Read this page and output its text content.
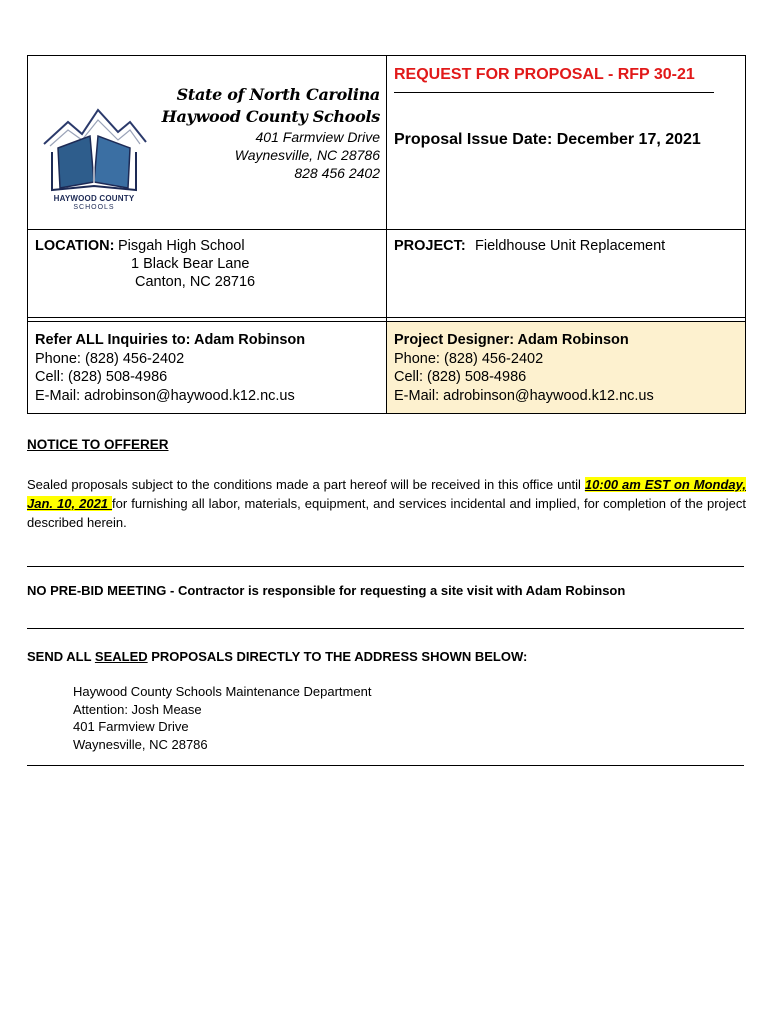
HAYWOOD COUNTY
SCHOOLS
State of North Carolina
Haywood County Schools
401 Farmview Drive
Waynesville, NC 28786
828 456 2402
REQUEST FOR PROPOSAL - RFP 30-21
Proposal Issue Date: December 17, 2021
LOCATION: Pisgah High School
1 Black Bear Lane
Canton, NC 28716
PROJECT: Fieldhouse Unit Replacement
Refer ALL Inquiries to: Adam Robinson
Phone: (828) 456-2402
Cell: (828) 508-4986
E-Mail: adrobinson@haywood.k12.nc.us
Project Designer: Adam Robinson
Phone: (828) 456-2402
Cell: (828) 508-4986
E-Mail: adrobinson@haywood.k12.nc.us
NOTICE TO OFFERER
Sealed proposals subject to the conditions made a part hereof will be received in this office until 10:00 am EST on Monday, Jan. 10, 2021 for furnishing all labor, materials, equipment, and services incidental and implied, for completion of the project described herein.
NO PRE-BID MEETING - Contractor is responsible for requesting a site visit with Adam Robinson
SEND ALL SEALED PROPOSALS DIRECTLY TO THE ADDRESS SHOWN BELOW:
Haywood County Schools Maintenance Department
Attention: Josh Mease
401 Farmview Drive
Waynesville, NC 28786
